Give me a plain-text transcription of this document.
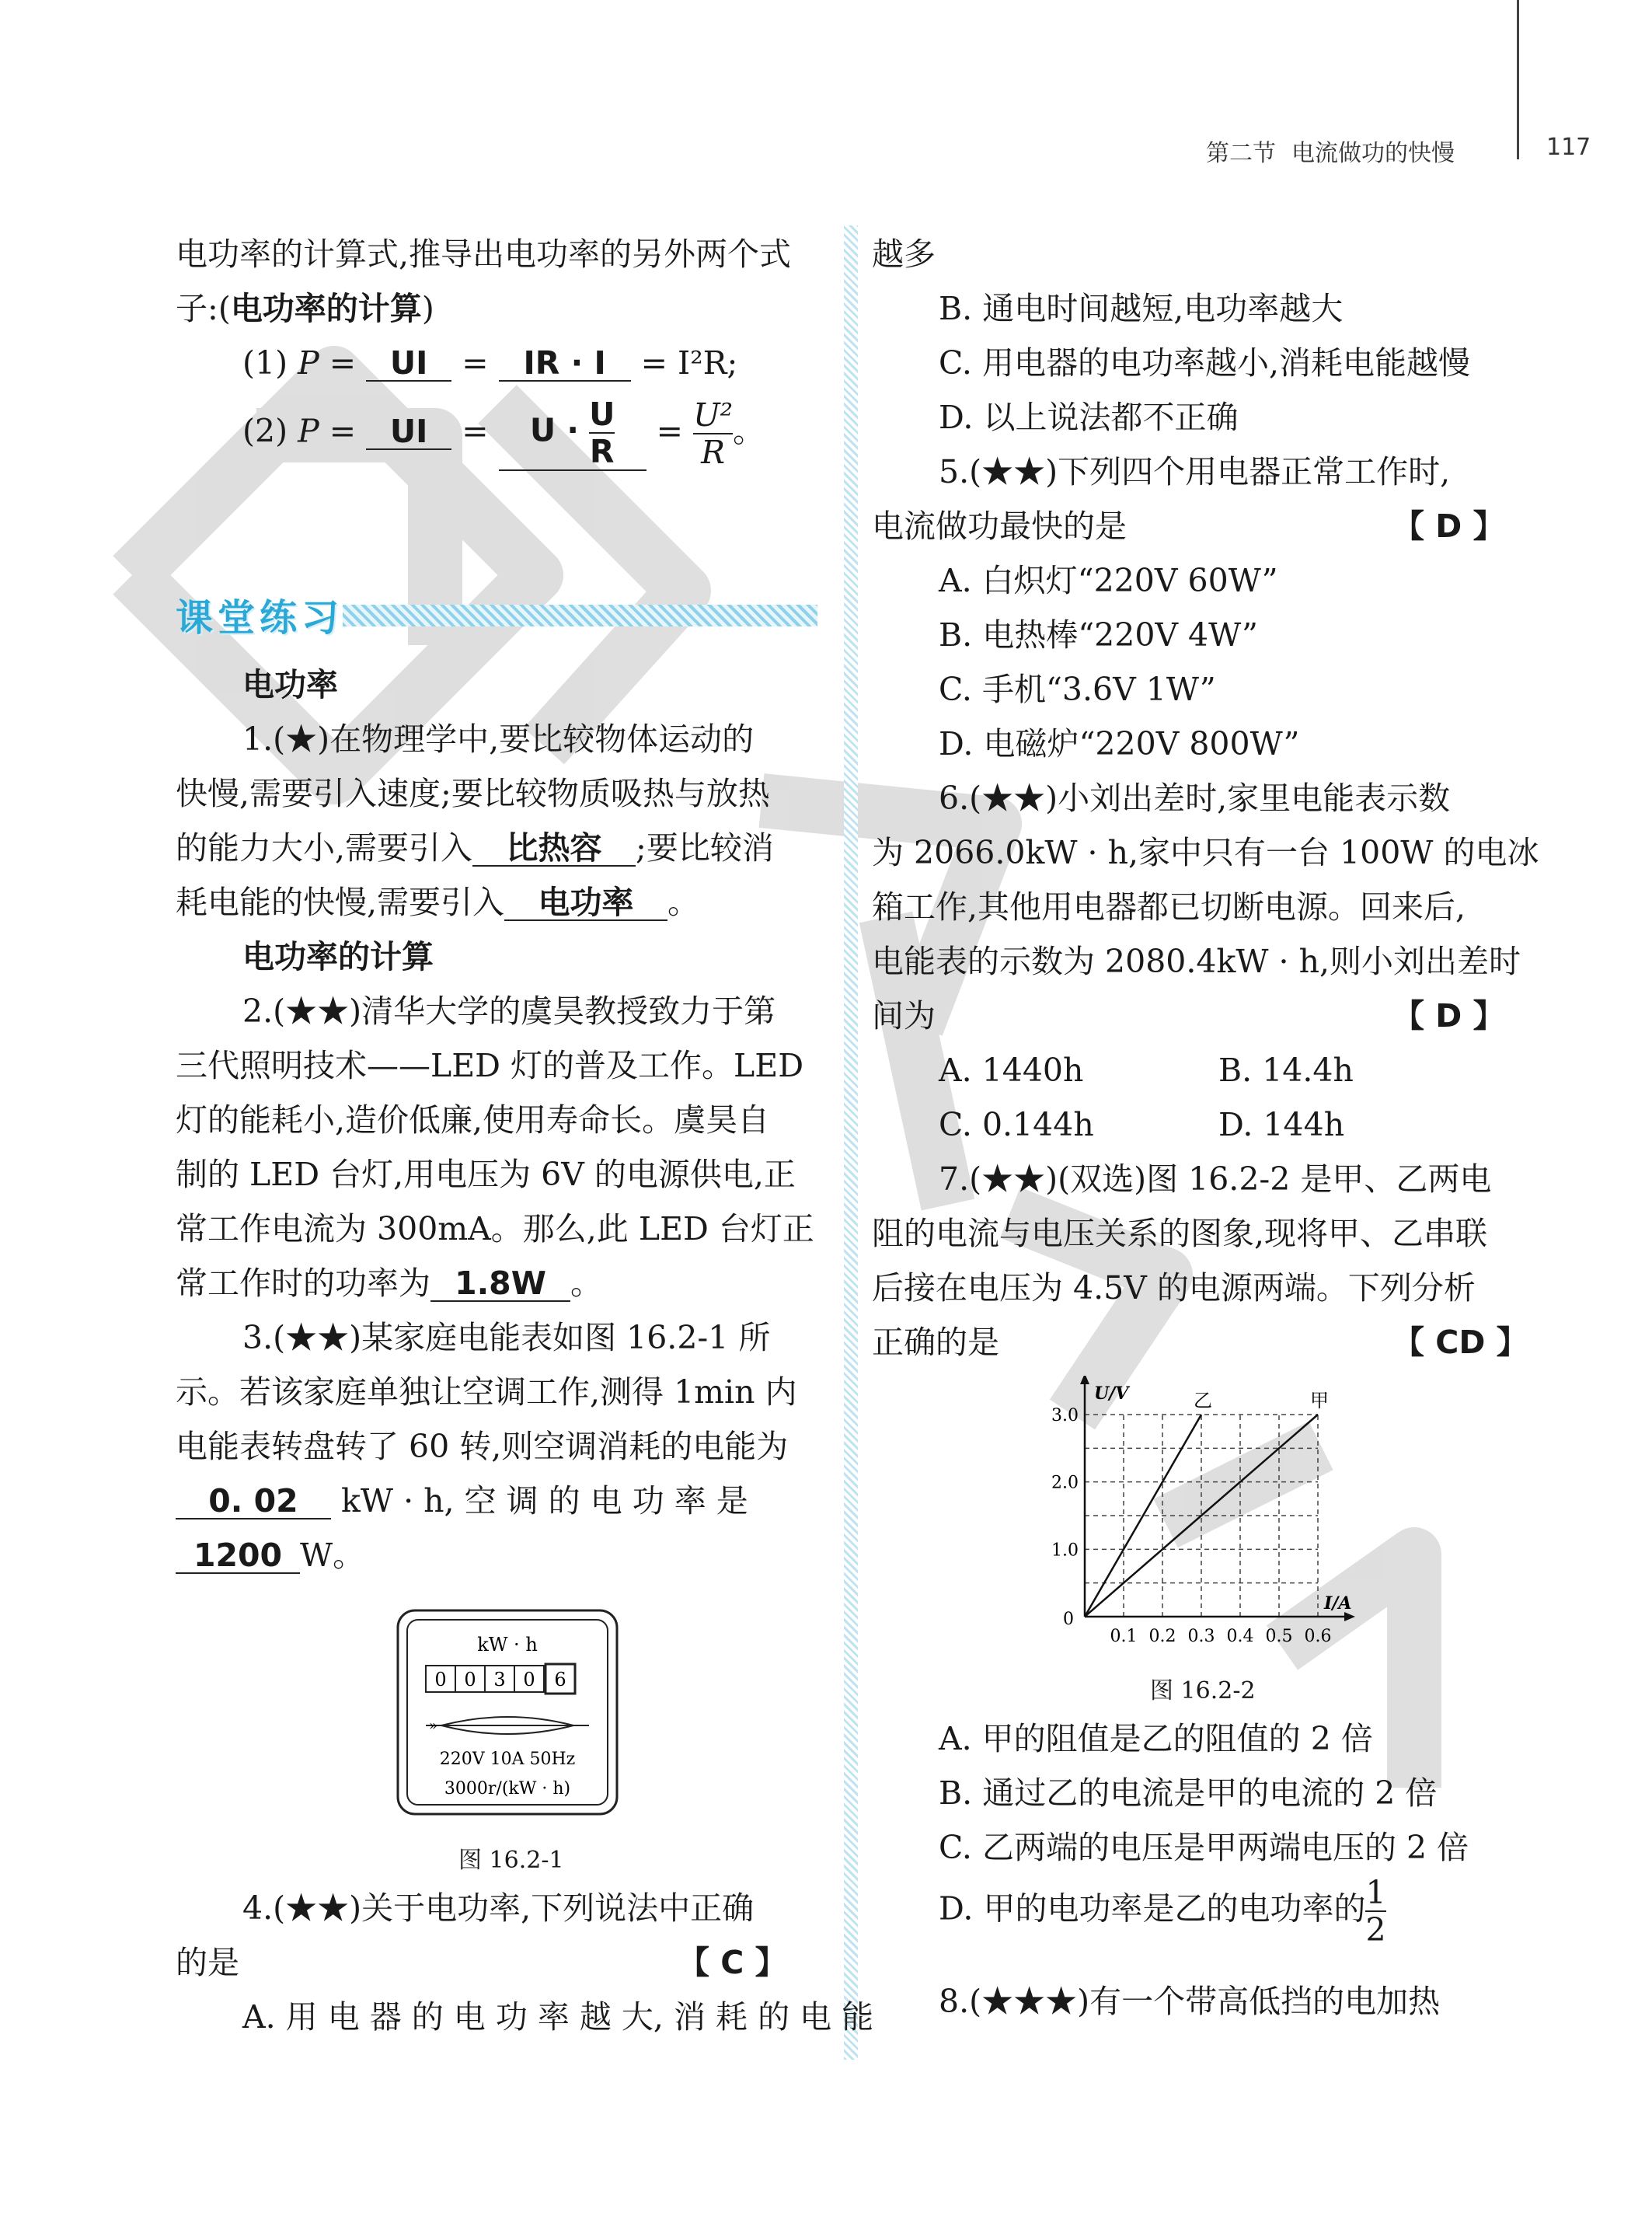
第二节 电流做功的快慢	117
电功率的计算式,推导出电功率的另外两个式
子:(电功率的计算)
(1) P = UI = IR · I = I²R;
(2) P = UI = $U \cdot \frac{U}{R} = \frac{\text{U²}}{R}$ 。
课堂练习
电功率
1.(★)在物理学中,要比较物体运动的
快慢,需要引入速度;要比较物质吸热与放热
的能力大小,需要引入 比热容 ;要比较消
耗电能的快慢,需要引入 电功率 。
电功率的计算
2.(★★)清华大学的虞昊教授致力于第
三代照明技术——LED 灯的普及工作。LED
灯的能耗小,造价低廉,使用寿命长。虞昊自
制的 LED 台灯,用电压为 6V 的电源供电,正
常工作电流为 300mA。那么,此 LED 台灯正
常工作时的功率为 1.8W 。
3.(★★)某家庭电能表如图 16.2-1 所
示。若该家庭单独让空调工作,测得 1min 内
电能表转盘转了 60 转,则空调消耗的电能为
0. 02 kW · h, 空 调 的 电 功 率 是
1200 W。
kW · h
0 0 3 0 6
»
220V 10A 50Hz
3000r/(kW · h)
图 16.2-1
4.(★★)关于电功率,下列说法中正确
的是	【 C 】
A. 用 电 器 的 电 功 率 越 大, 消 耗 的 电 能
越多
B. 通电时间越短,电功率越大
C. 用电器的电功率越小,消耗电能越慢
D. 以上说法都不正确
5.(★★)下列四个用电器正常工作时,
电流做功最快的是	【 D 】
A. 白炽灯“220V 60W”
B. 电热棒“220V 4W”
C. 手机“3.6V 1W”
D. 电磁炉“220V 800W”
6.(★★)小刘出差时,家里电能表示数
为 2066.0kW · h,家中只有一台 100W 的电冰
箱工作,其他用电器都已切断电源。回来后,
电能表的示数为 2080.4kW · h,则小刘出差时
间为	【 D 】
A. 1440h	B. 14.4h
C. 0.144h	D. 144h
7.(★★)(双选)图 16.2-2 是甲、乙两电
阻的电流与电压关系的图象,现将甲、乙串联
后接在电压为 4.5V 的电源两端。下列分析
正确的是	【 CD 】
0.1 0.2 0.3 0.4 0.5 0.6
1.0
2.0
3.0
0
I/A
U/V	乙	甲
图 16.2-2
A. 甲的阻值是乙的阻值的 2 倍
B. 通过乙的电流是甲的电流的 2 倍
C. 乙两端的电压是甲两端电压的 2 倍
D. 甲的电功率是乙的电功率的 $\frac{1}{2}$
8.(★★★)有一个带高低挡的电加热
